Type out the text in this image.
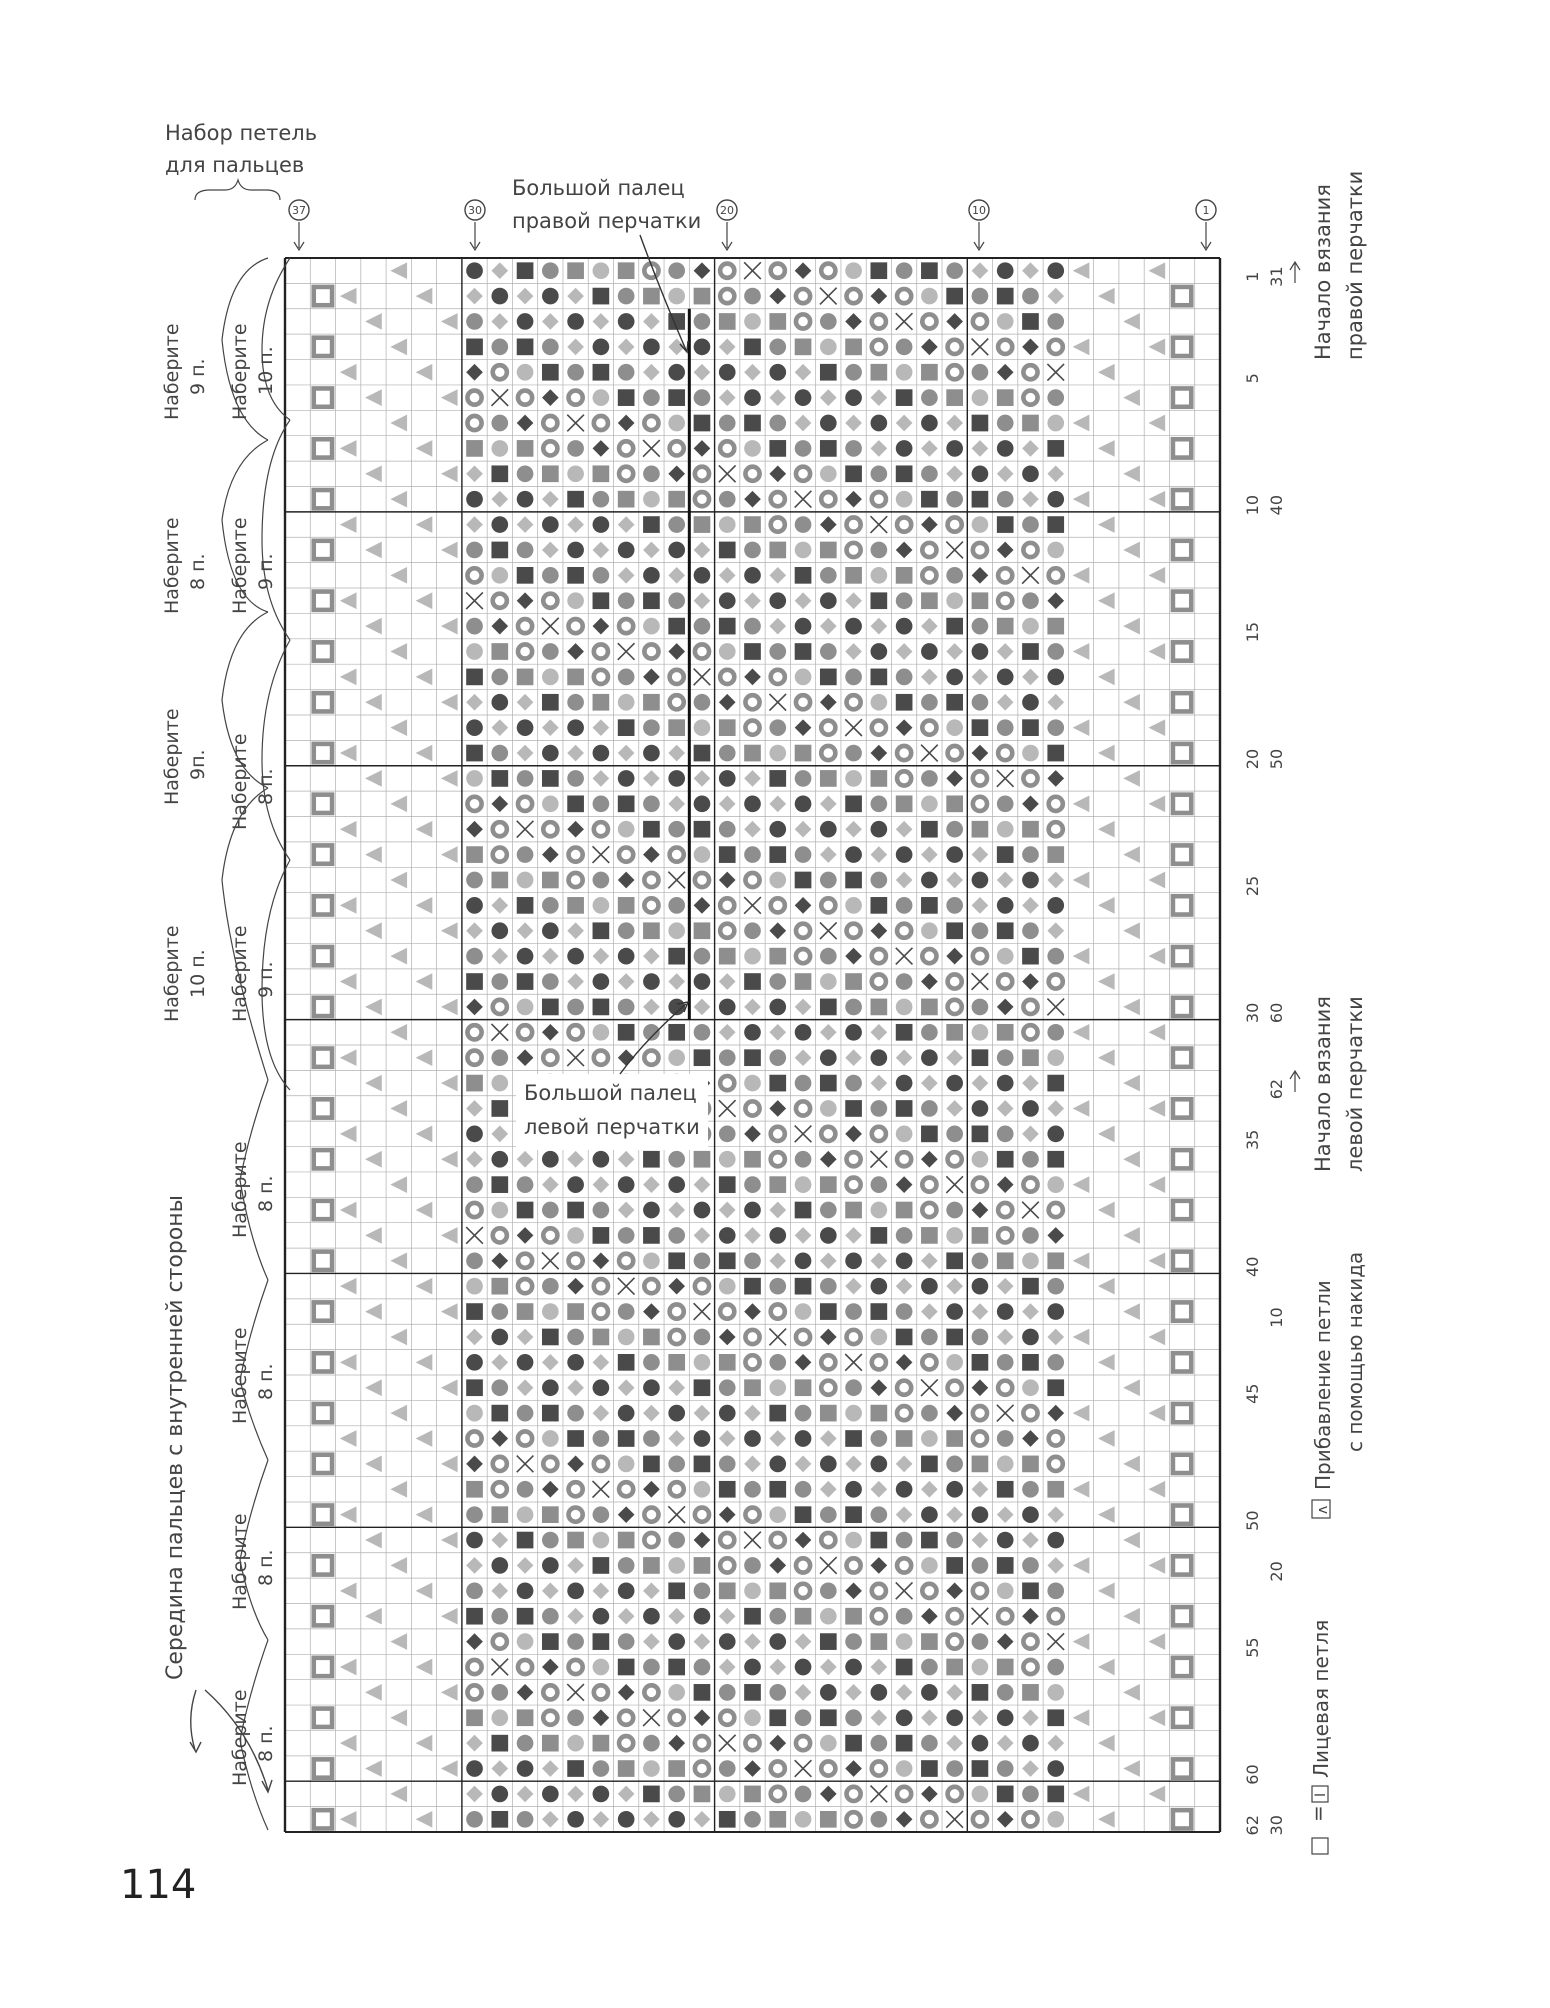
37	30	20	10	1
Набор петель
для пальцев
Большой палец
правой перчатки
Большой палец
левой перчатки
1
5
10
15
20
25
30
35
40
45
50
55
60
62
31
40
50
60
62
10
20
30
Начало вязания правой перчатки
Начало вязания левой перчатки
Наберите 9 п. Наберите 10 п.
Наберите 8 п. Наберите 9 п.
Наберите 9п. Наберите 8 п.
Наберите 10 п. Наберите 9 п.
Наберите 8 п.
Наберите 8 п.
Наберите 8 п.
Наберите 8 п.
Середина пальцев с внутренней стороны
=
I
Лицевая петля
ᴧ
Прибавление петли с помощью накида
114
